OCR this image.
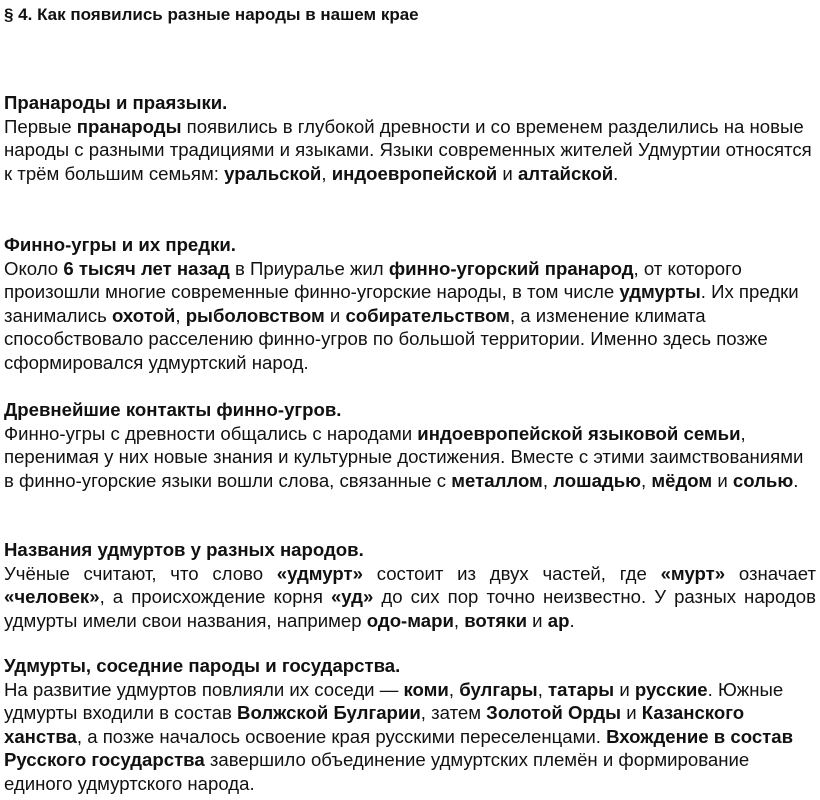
§ 4. Как появились разные народы в нашем крае
Пранароды и праязыки.

Первые пранароды появились в глубокой древности и со временем разделились на новые народы с разными традициями и языками. Языки современных жителей Удмуртии относятся к трём большим семьям: уральской, индоевропейской и алтайской.

Финно-угры и их предки.

Около 6 тысяч лет назад в Приуралье жил финно-угорский пранарод, от которого произошли многие современные финно-угорские народы, в том числе удмурты. Их предки занимались охотой, рыболовством и собирательством, а изменение климата способствовало расселению финно-угров по большой территории. Именно здесь позже сформировался удмуртский народ.

Древнейшие контакты финно-угров.

Финно-угры с древности общались с народами индоевропейской языковой семьи, перенимая у них новые знания и культурные достижения. Вместе с этими заимствованиями в финно-угорские языки вошли слова, связанные с металлом, лошадью, мёдом и солью.

Названия удмуртов у разных народов.

Учёные считают, что слово «удмурт» состоит из двух частей, где «мурт» означает «человек», а происхождение корня «уд» до сих пор точно неизвестно. У разных народов удмурты имели свои названия, например одо-мари, вотяки и ар.

Удмурты, соседние пароды и государства.

На развитие удмуртов повлияли их соседи — коми, булгары, татары и русские. Южные удмурты входили в состав Волжской Булгарии, затем Золотой Орды и Казанского ханства, а позже началось освоение края русскими переселенцами. Вхождение в состав Русского государства завершило объединение удмуртских племён и формирование единого удмуртского народа.
